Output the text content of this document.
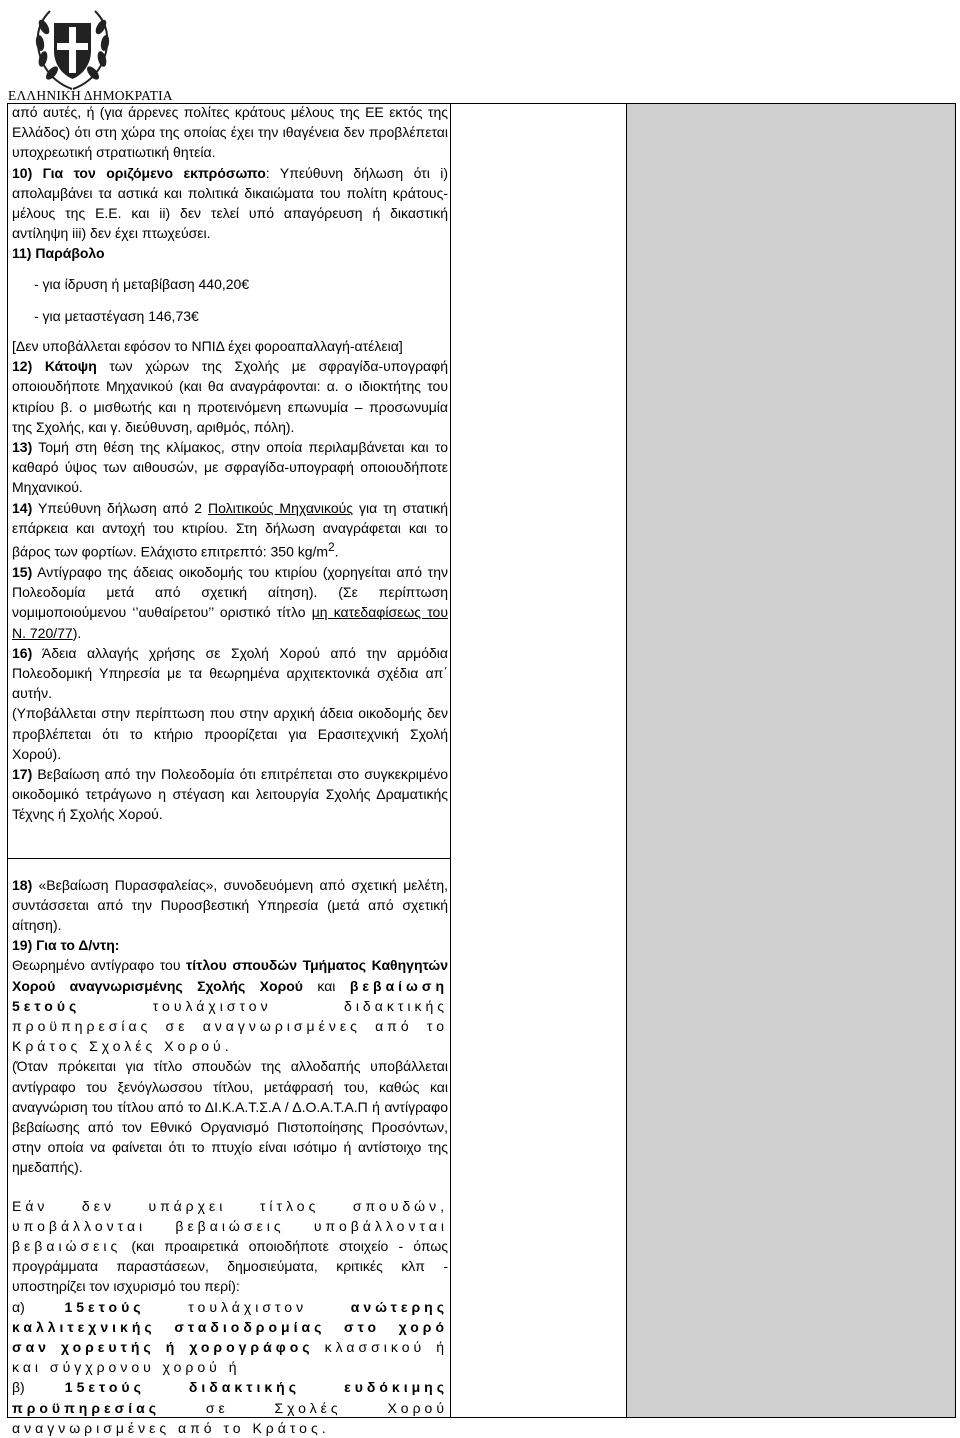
ΕΛΛΗΝΙΚΗ ΔΗΜΟΚΡΑΤΙΑ

από αυτές, ή (για άρρενες πολίτες κράτους μέλους της ΕΕ εκτός της Ελλάδος) ότι στη χώρα της οποίας έχει την ιθαγένεια δεν προβλέπεται υποχρεωτική στρατιωτική θητεία.

10) Για τον οριζόμενο εκπρόσωπο: Υπεύθυνη δήλωση ότι i) απολαμβάνει τα αστικά και πολιτικά δικαιώματα του πολίτη κράτους-μέλους της Ε.Ε. και ii) δεν τελεί υπό απαγόρευση ή δικαστική αντίληψη iii) δεν έχει πτωχεύσει.

11) Παράβολο

- για ίδρυση ή μεταβίβαση 440,20€

- για μεταστέγαση 146,73€

[Δεν υποβάλλεται εφόσον το ΝΠΙΔ έχει φοροαπαλλαγή-ατέλεια]

12) Κάτοψη των χώρων της Σχολής με σφραγίδα-υπογραφή οποιουδήποτε Μηχανικού (και θα αναγράφονται: α. ο ιδιοκτήτης του κτιρίου β. ο μισθωτής και η προτεινόμενη επωνυμία – προσωνυμία της Σχολής, και γ. διεύθυνση, αριθμός, πόλη).

13) Τομή στη θέση της κλίμακος, στην οποία περιλαμβάνεται και το καθαρό ύψος των αιθουσών, με σφραγίδα-υπογραφή οποιουδήποτε Μηχανικού.

14) Υπεύθυνη δήλωση από 2 Πολιτικούς Μηχανικούς για τη στατική επάρκεια και αντοχή του κτιρίου. Στη δήλωση αναγράφεται και το βάρος των φορτίων. Ελάχιστο επιτρεπτό: 350 $kg/m^2$.

15) Αντίγραφο της άδειας οικοδομής του κτιρίου (χορηγείται από την Πολεοδομία μετά από σχετική αίτηση). (Σε περίπτωση νομιμοποιούμενου ‘’αυθαίρετου’’ οριστικό τίτλο μη κατεδαφίσεως του Ν. 720/77).

16) Άδεια αλλαγής χρήσης σε Σχολή Χορού από την αρμόδια Πολεοδομική Υπηρεσία με τα θεωρημένα αρχιτεκτονικά σχέδια απ΄ αυτήν.

(Υποβάλλεται στην περίπτωση που στην αρχική άδεια οικοδομής δεν προβλέπεται ότι το κτήριο προορίζεται για Ερασιτεχνική Σχολή Χορού).

17) Βεβαίωση από την Πολεοδομία ότι επιτρέπεται στο συγκεκριμένο οικοδομικό τετράγωνο η στέγαση και λειτουργία Σχολής Δραματικής Τέχνης ή Σχολής Χορού.

18) «Βεβαίωση Πυρασφαλείας», συνοδευόμενη από σχετική μελέτη, συντάσσεται από την Πυροσβεστική Υπηρεσία (μετά από σχετική αίτηση).

19) Για το Δ/ντη:

Θεωρημένο αντίγραφο του τίτλου σπουδών Τμήματος Καθηγητών Χορού αναγνωρισμένης Σχολής Χορού και βεβαίωση 5ετούς τουλάχιστον διδακτικής προϋπηρεσίας σε αναγνωρισμένες από το Κράτος Σχολές Χορού.

(Όταν πρόκειται για τίτλο σπουδών της αλλοδαπής υποβάλλεται αντίγραφο του ξενόγλωσσου τίτλου, μετάφρασή του, καθώς και αναγνώριση του τίτλου από το ΔΙ.Κ.Α.Τ.Σ.Α / Δ.Ο.Α.Τ.Α.Π ή αντίγραφο βεβαίωσης από τον Εθνικό Οργανισμό Πιστοποίησης Προσόντων, στην οποία να φαίνεται ότι το πτυχίο είναι ισότιμο ή αντίστοιχο της ημεδαπής).

Εάν δεν υπάρχει τίτλος σπουδών, υποβάλλονται βεβαιώσεις υποβάλλονται βεβαιώσεις (και προαιρετικά οποιοδήποτε στοιχείο - όπως προγράμματα παραστάσεων, δημοσιεύματα, κριτικές κλπ - υποστηρίζει τον ισχυρισμό του περί):

α) 15ετούς τουλάχιστον ανώτερης καλλιτεχνικής σταδιοδρομίας στο χορό σαν χορευτής ή χορογράφος κλασσικού ή και σύγχρονου χορού ή

β) 15ετούς διδακτικής ευδόκιμης προϋπηρεσίας σε Σχολές Χορού αναγνωρισμένες από το Κράτος.
